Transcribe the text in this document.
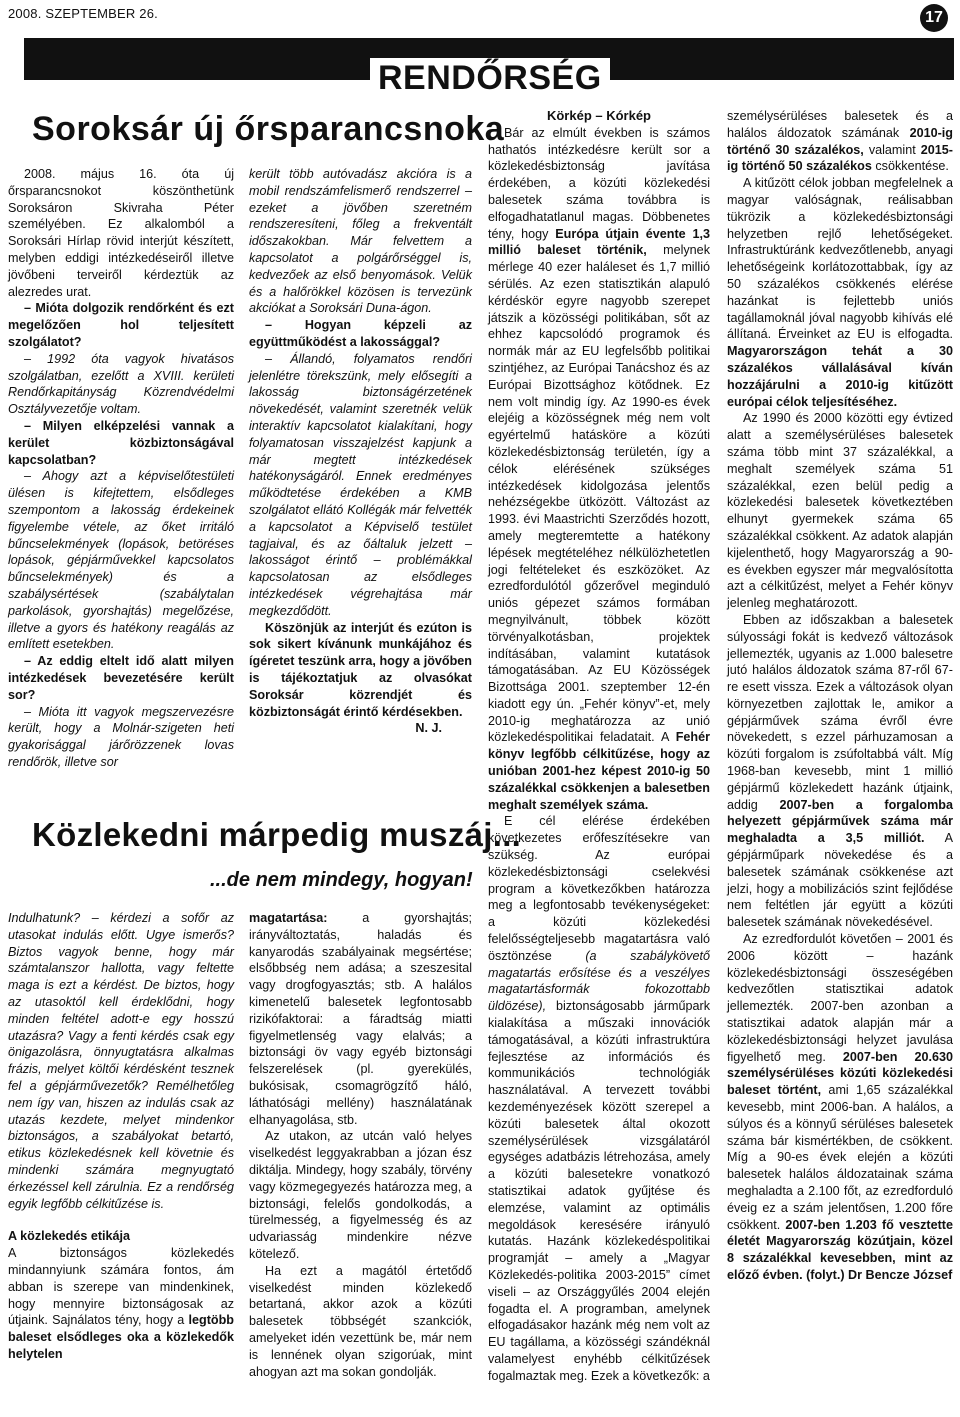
2008. SZEPTEMBER 26.	17
RENDŐRSÉG
Soroksár új őrsparancsnoka

2008. május 16. óta új őrsparancsnokot köszönthetünk Soroksáron Skivraha Péter személyében. Ez alkalomból a Soroksári Hírlap rövid interjút készített, melyben eddigi intézkedéseiről illetve jövőbeni terveiről kérdeztük az alezredes urat.

– Mióta dolgozik rendőrként és ezt megelőzően hol teljesített szolgálatot?

– 1992 óta vagyok hivatásos szolgálatban, ezelőtt a XVIII. kerületi Rendőrkapitányság Közrendvédelmi Osztályvezetője voltam.

– Milyen elképzelési vannak a kerület közbiztonságával kapcsolatban?

– Ahogy azt a képviselőtestületi ülésen is kifejtettem, elsődleges szempontom a lakosság érdekeinek figyelembe vétele, az őket irritáló bűncselekmények (lopások, betöréses lopások, gépjárművekkel kapcsolatos bűncselekmények) és a szabálysértések (szabálytalan parkolások, gyorshajtás) megelőzése, illetve a gyors és hatékony reagálás az említett esetekben.

– Az eddig eltelt idő alatt milyen intézkedések bevezetésére került sor?

– Mióta itt vagyok megszervezésre került, hogy a Molnár-szigeten heti gyakorisággal járőrözzenek lovas rendőrök, illetve sor

került több autóvadász akcióra is a mobil rendszámfelismerő rendszerrel – ezeket a jövőben szeretném rendszeresíteni, főleg a frekventált időszakokban. Már felvettem a kapcsolatot a polgárőrséggel is, kedvezőek az első benyomások. Velük és a halőrökkel közösen is tervezünk akciókat a Soroksári Duna-ágon.

– Hogyan képzeli az együttműködést a lakossággal?

– Állandó, folyamatos rendőri jelenlétre törekszünk, mely elősegíti a lakosság biztonságérzetének növekedését, valamint szeretnék velük interaktív kapcsolatot kialakítani, hogy folyamatosan visszajelzést kapjunk a már megtett intézkedések hatékonyságáról. Ennek eredményes működtetése érdekében a KMB szolgálatot ellátó Kollégák már felvették a kapcsolatot a Képviselő testület tagjaival, és az őáltaluk jelzett – lakosságot érintő – problémákkal kapcsolatosan az elsődleges intézkedések végrehajtása már megkezdődött.

Köszönjük az interjút és ezúton is sok sikert kívánunk munkájához és ígéretet teszünk arra, hogy a jövőben is tájékoztatjuk az olvasókat Soroksár közrendjét és közbiztonságát érintő kérdésekben.

N. J.

Közlekedni márpedig muszáj...
...de nem mindegy, hogyan!

Indulhatunk? – kérdezi a sofőr az utasokat indulás előtt. Ugye ismerős? Biztos vagyok benne, hogy már számtalanszor hallotta, vagy feltette maga is ezt a kérdést. De biztos, hogy az utasoktól kell érdeklődni, hogy minden feltétel adott-e egy hosszú utazásra? Vagy a fenti kérdés csak egy önigazolásra, önnyugtatásra alkalmas frázis, melyet költői kérdésként tesznek fel a gépjárművezetők? Remélhetőleg nem így van, hiszen az indulás csak az utazás kezdete, melyet mindenkor biztonságos, a szabályokat betartó, etikus közlekedésnek kell követnie és mindenki számára megnyugtató érkezéssel kell zárulnia. Ez a rendőrség egyik legfőbb célkitűzése is.

A közlekedés etikája

A biztonságos közlekedés mindannyiunk számára fontos, ám abban is szerepe van mindenkinek, hogy mennyire biztonságosak az útjaink. Sajnálatos tény, hogy a legtöbb baleset elsődleges oka a közlekedők helytelen

magatartása: a gyorshajtás; irányváltoztatás, haladás és kanyarodás szabályainak megsértése; elsőbbség nem adása; a szeszesital vagy drogfogyasztás; stb. A halálos kimenetelű balesetek legfontosabb rizikófaktorai: a fáradtság miatti figyelmetlenség vagy elalvás; a biztonsági öv vagy egyéb biztonsági felszerelések (pl. gyerekülés, bukósisak, csomagrögzítő háló, láthatósági mellény) használatának elhanyagolása, stb.

Az utakon, az utcán való helyes viselkedést leggyakrabban a józan ész diktálja. Mindegy, hogy szabály, törvény vagy közmegegyezés határozza meg, a biztonsági, felelős gondolkodás, a türelmesség, a figyelmesség és az udvariasság mindenkire nézve kötelező.

Ha ezt a magától értetődő viselkedést minden közlekedő betartaná, akkor azok a közúti balesetek többségét szankciók, amelyeket idén vezettünk be, már nem is lennének olyan szigorúak, mint ahogyan azt ma sokan gondolják.

Körkép – Kórkép

Bár az elmúlt években is számos hathatós intézkedésre került sor a közlekedésbiztonság javítása érdekében, a közúti közlekedési balesetek száma továbbra is elfogadhatatlanul magas. Döbbenetes tény, hogy Európa útjain évente 1,3 millió baleset történik, melynek mérlege 40 ezer haláleset és 1,7 millió sérülés. Az ezen statisztikán alapuló kérdéskör egyre nagyobb szerepet játszik a közösségi politikában, sőt az ehhez kapcsolódó programok és normák már az EU legfelsőbb politikai szintjéhez, az Európai Tanácshoz és az Európai Bizottsághoz kötődnek. Ez nem volt mindig így. Az 1990-es évek elejéig a közösségnek még nem volt egyértelmű hatásköre a közúti közlekedésbiztonság területén, így a célok elérésének szükséges intézkedések kidolgozása jelentős nehézségekbe ütközött. Változást az 1993. évi Maastrichti Szerződés hozott, amely megteremtette a hatékony lépések megtételéhez nélkülözhetetlen jogi feltételeket és eszközöket. Az ezredfordulótól gőzerővel meginduló uniós gépezet számos formában megnyilvánult, többek között törvényalkotásban, projektek indításában, valamint kutatások támogatásában. Az EU Közösségek Bizottsága 2001. szeptember 12-én kiadott egy ún. „Fehér könyv”-et, mely 2010-ig meghatározza az unió közlekedéspolitikai feladatait. A Fehér könyv legfőbb célkitűzése, hogy az unióban 2001-hez képest 2010-ig 50 százalékkal csökkenjen a balesetben meghalt személyek száma.

E cél elérése érdekében következetes erőfeszítésekre van szükség. Az európai közlekedésbiztonsági cselekvési program a következőkben határozza meg a legfontosabb tevékenységeket: a közúti közlekedési felelősségteljesebb magatartásra való ösztönzése (a szabálykövető magatartás erősítése és a veszélyes magatartásformák fokozottabb üldözése), biztonságosabb járműpark kialakítása a műszaki innovációk támogatásával, a közúti infrastruktúra fejlesztése az információs és kommunikációs technológiák használatával. A tervezett további kezdeményezések között szerepel a közúti balesetek által okozott személysérülések vizsgálatáról egységes adatbázis létrehozása, amely a közúti balesetekre vonatkozó statisztikai adatok gyűjtése és elemzése, valamint az optimális megoldások keresésére irányuló kutatás. Hazánk közlekedéspolitikai programját – amely a „Magyar Közlekedés-politika 2003-2015” címet viseli – az Országgyűlés 2004 elején fogadta el. A programban, amelynek elfogadásakor hazánk még nem volt az EU tagállama, a közösségi szándéknál valamelyest enyhébb célkitűzések fogalmaztak meg. Ezek a következők: a

személysérüléses balesetek és a halálos áldozatok számának 2010-ig történő 30 százalékos, valamint 2015-ig történő 50 százalékos csökkentése.

A kitűzött célok jobban megfelelnek a magyar valóságnak, reálisabban tükrözik a közlekedésbiztonsági helyzetben rejlő lehetőségeket. Infrastruktúránk kedvezőtlenebb, anyagi lehetőségeink korlátozottabbak, így az 50 százalékos csökkenés elérése hazánkat is fejlettebb uniós tagállamoknál jóval nagyobb kihívás elé állítaná. Érveinket az EU is elfogadta. Magyarországon tehát a 30 százalékos vállalásával kíván hozzájárulni a 2010-ig kitűzött európai célok teljesítéséhez.

Az 1990 és 2000 közötti egy évtized alatt a személysérüléses balesetek száma több mint 37 százalékkal, a meghalt személyek száma 51 százalékkal, ezen belül pedig a közlekedési balesetek következtében elhunyt gyermekek száma 65 százalékkal csökkent. Az adatok alapján kijelenthető, hogy Magyarország a 90-es években egyszer már megvalósította azt a célkitűzést, melyet a Fehér könyv jelenleg meghatározott.

Ebben az időszakban a balesetek súlyossági fokát is kedvező változások jellemezték, ugyanis az 1.000 balesetre jutó halálos áldozatok száma 87-ről 67-re esett vissza. Ezek a változások olyan környezetben zajlottak le, amikor a gépjárművek száma évről évre növekedett, s ezzel párhuzamosan a közúti forgalom is zsúfoltabbá vált. Míg 1968-ban kevesebb, mint 1 millió gépjármű közlekedett hazánk útjaink, addig 2007-ben a forgalomba helyezett gépjárművek száma már meghaladta a 3,5 milliót. A gépjárműpark növekedése és a balesetek számának csökkenése azt jelzi, hogy a mobilizációs szint fejlődése nem feltétlen jár együtt a közúti balesetek számának növekedésével.

Az ezredfordulót követően – 2001 és 2006 között – hazánk közlekedésbiztonsági összeségében kedvezőtlen statisztikai adatok jellemezték. 2007-ben azonban a statisztikai adatok alapján már a közlekedésbiztonsági helyzet javulása figyelhető meg. 2007-ben 20.630 személysérüléses közúti közlekedési baleset történt, ami 1,65 százalékkal kevesebb, mint 2006-ban. A halálos, a súlyos és a könnyű sérüléses balesetek száma bár kismértékben, de csökkent. Míg a 90-es évek elején a közúti balesetek halálos áldozatainak száma meghaladta a 2.100 főt, az ezredforduló éveig ez a szám jelentősen, 1.200 főre csökkent. 2007-ben 1.203 fő vesztette életét Magyarország közútjain, közel 8 százalékkal kevesebben, mint az előző évben. (folyt.) Dr Bencze József
